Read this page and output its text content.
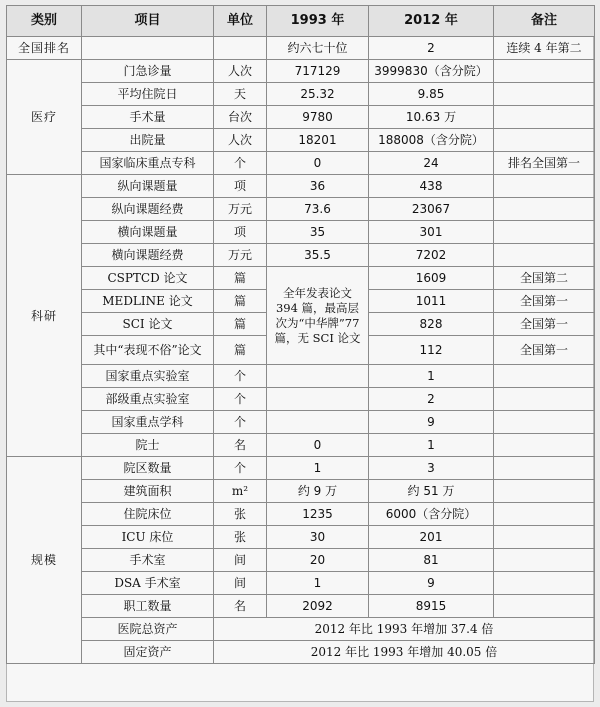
类别	项目	单位	1993 年	2012 年	备注
全国排名			约六七十位	2	连续 4 年第二
医疗	门急诊量	人次	717129	3999830（含分院）	
	平均住院日	天	25.32	9.85	
	手术量	台次	9780	10.63 万	
	出院量	人次	18201	188008（含分院）	
	国家临床重点专科	个	0	24	排名全国第一
科研	纵向课题量	项	36	438	
	纵向课题经费	万元	73.6	23067	
	横向课题量	项	35	301	
	横向课题经费	万元	35.5	7202	
	CSPTCD 论文	篇	全年发表论文 394 篇，最高层次为“中华牌”77 篇，无 SCI 论文	1609	全国第二
	MEDLINE 论文	篇		1011	全国第一
	SCI 论文	篇		828	全国第一
	其中“表现不俗”论文	篇		112	全国第一
	国家重点实验室	个		1	
	部级重点实验室	个		2	
	国家重点学科	个		9	
	院士	名	0	1	
规模	院区数量	个	1	3	
	建筑面积	m²	约 9 万	约 51 万	
	住院床位	张	1235	6000（含分院）	
	ICU 床位	张	30	201	
	手术室	间	20	81	
	DSA 手术室	间	1	9	
	职工数量	名	2092	8915	
	医院总资产	2012 年比 1993 年增加 37.4 倍			
	固定资产	2012 年比 1993 年增加 40.05 倍			
